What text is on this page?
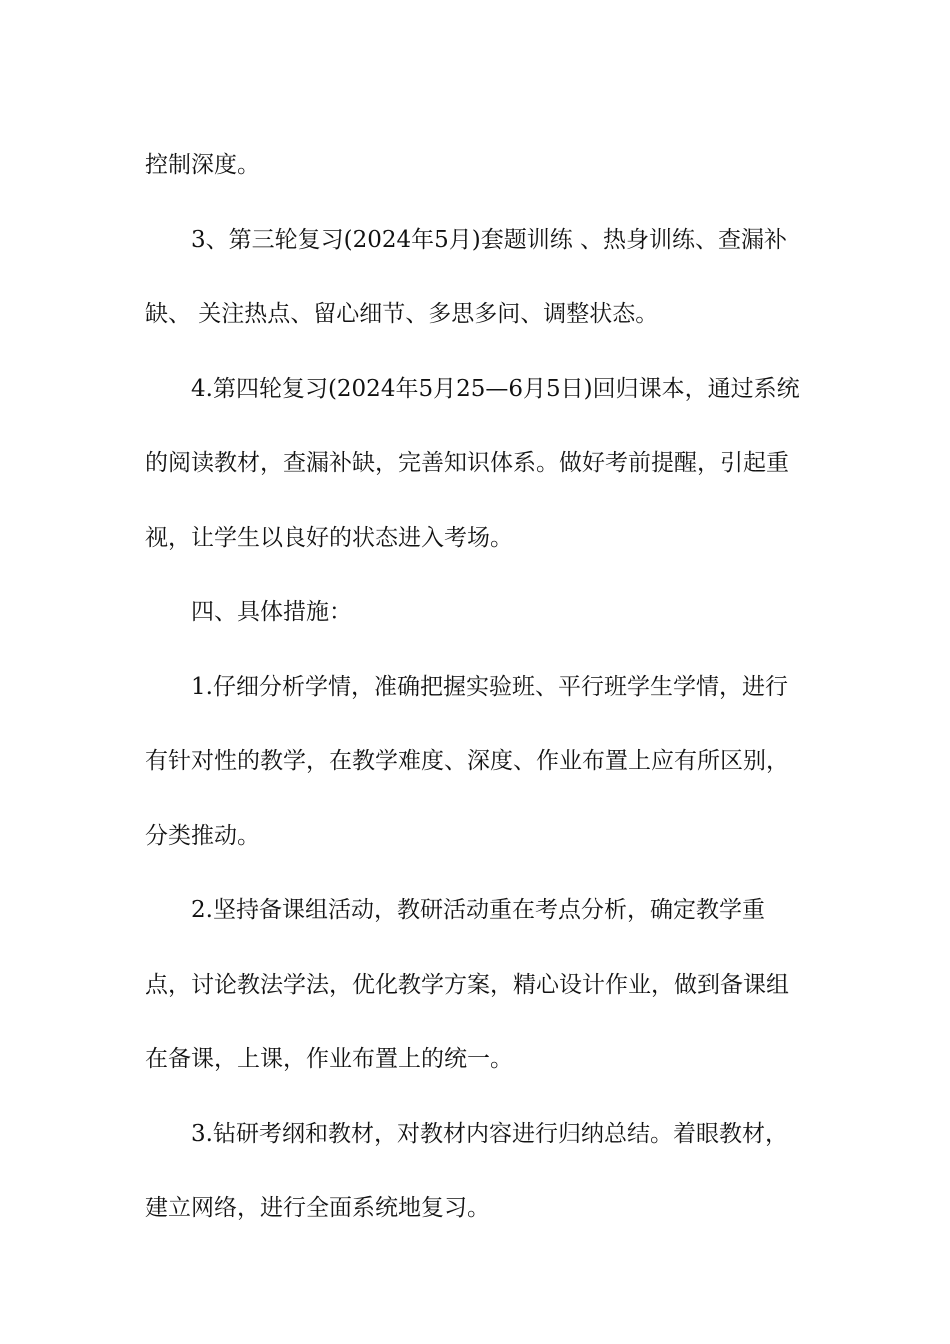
控制深度。

3、第三轮复习(2024年5月)套题训练 、热身训练、查漏补缺、 关注热点、留心细节、多思多问、调整状态。

4.第四轮复习(2024年5月25—6月5日)回归课本，通过系统的阅读教材，查漏补缺，完善知识体系。做好考前提醒，引起重视，让学生以良好的状态进入考场。

四、具体措施：

1.仔细分析学情，准确把握实验班、平行班学生学情，进行有针对性的教学，在教学难度、深度、作业布置上应有所区别，分类推动。

2.坚持备课组活动，教研活动重在考点分析，确定教学重点，讨论教法学法，优化教学方案，精心设计作业，做到备课组在备课，上课，作业布置上的统一。

3.钻研考纲和教材，对教材内容进行归纳总结。着眼教材，建立网络，进行全面系统地复习。
